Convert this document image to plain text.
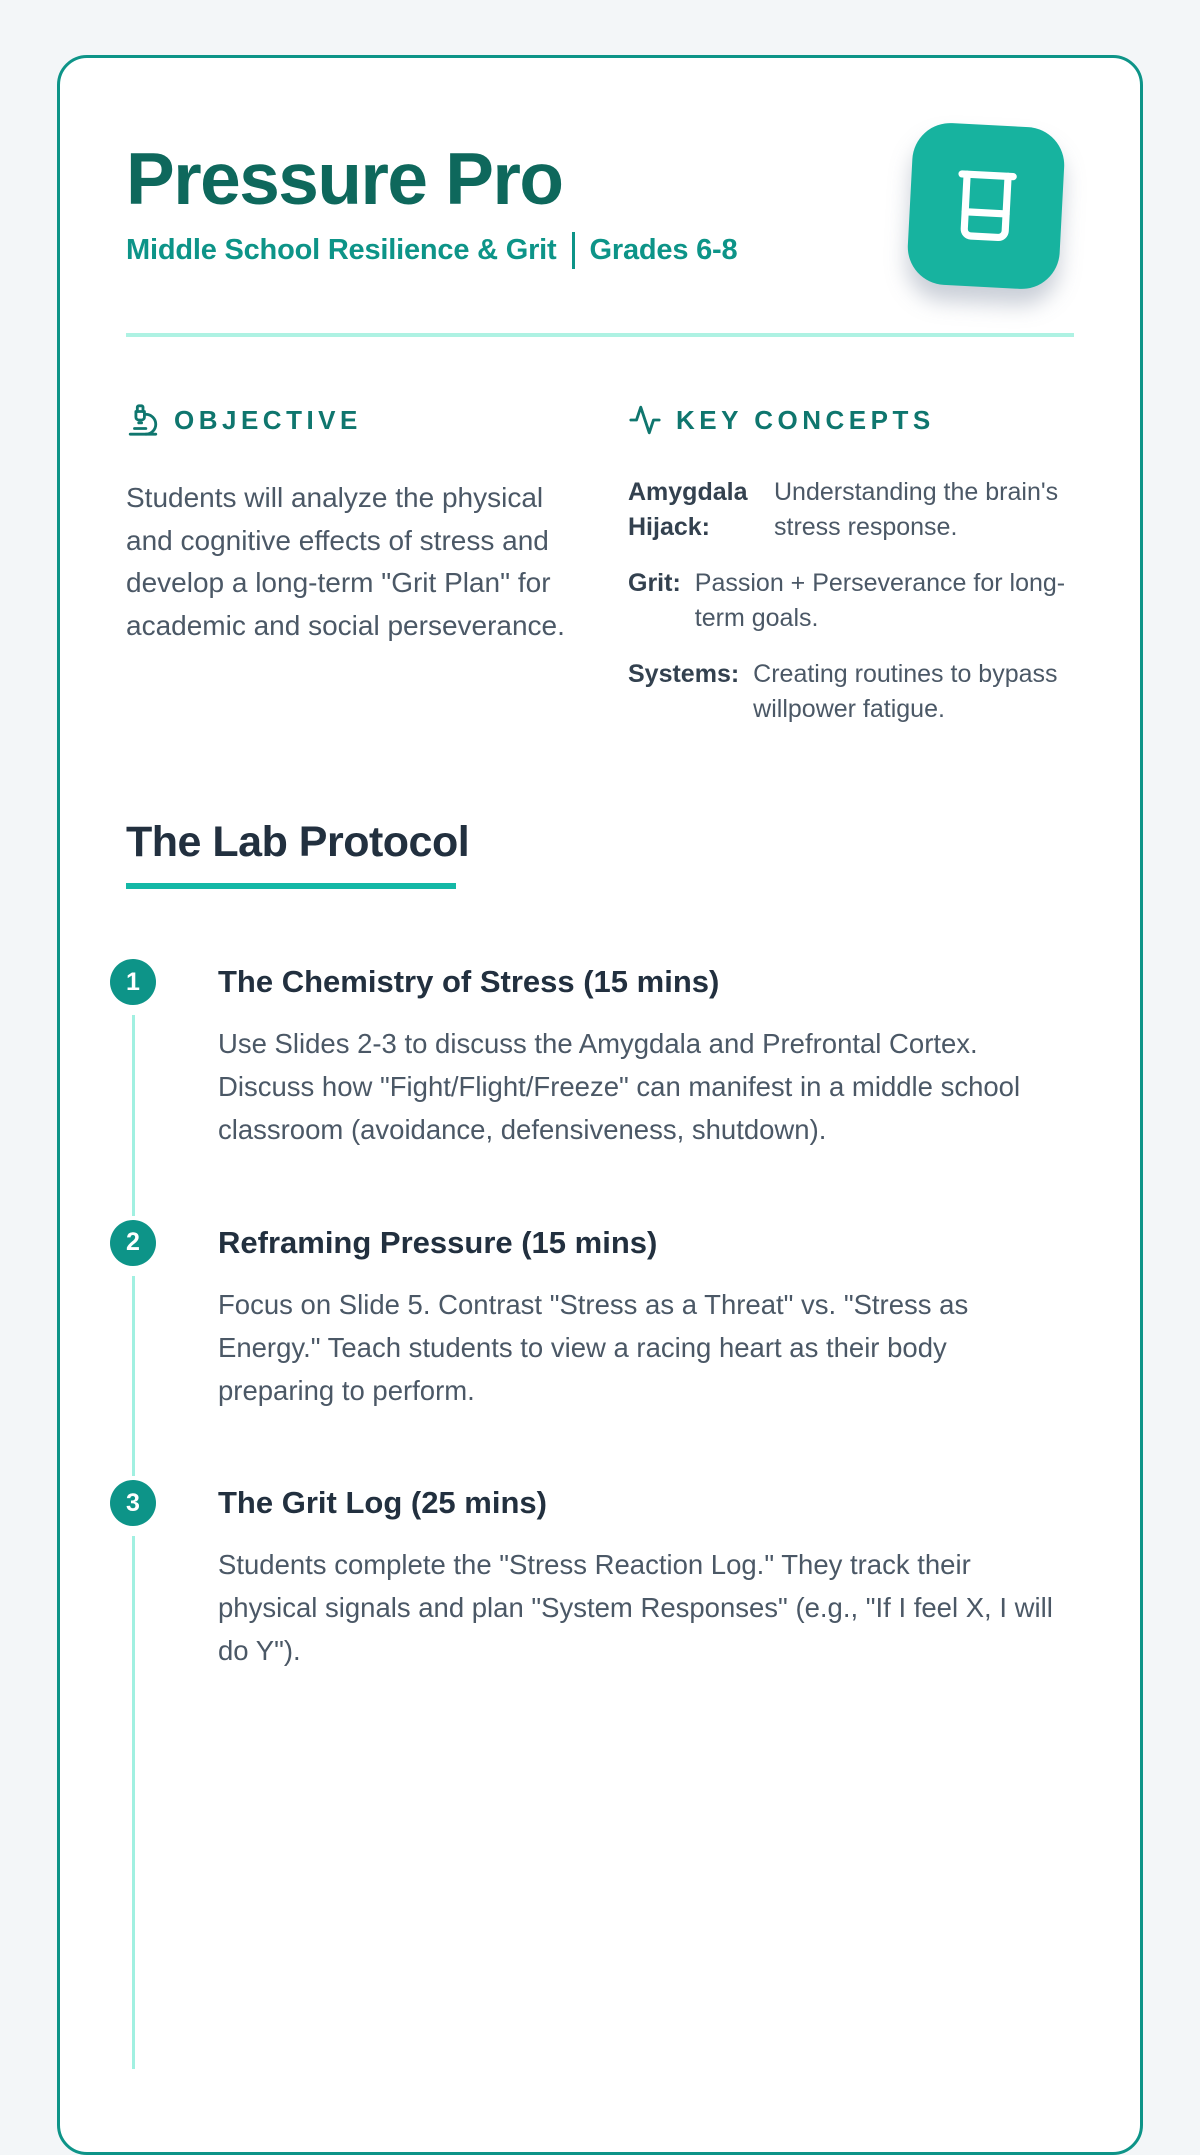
Pressure Pro
Middle School Resilience & Grit Grades 6-8
OBJECTIVE

Students will analyze the physical and cognitive effects of stress and develop a long-term "Grit Plan" for academic and social perseverance.

KEY CONCEPTS
Amygdala Hijack:
Understanding the brain's stress response.
Grit: Passion + Perseverance for long-term goals.
Systems: Creating routines to bypass willpower fatigue.
The Lab Protocol
1	The Chemistry of Stress (15 mins)

Use Slides 2-3 to discuss the Amygdala and Prefrontal Cortex. Discuss how "Fight/Flight/Freeze" can manifest in a middle school classroom (avoidance, defensiveness, shutdown).

2	Reframing Pressure (15 mins)

Focus on Slide 5. Contrast "Stress as a Threat" vs. "Stress as Energy." Teach students to view a racing heart as their body preparing to perform.

3	The Grit Log (25 mins)

Students complete the "Stress Reaction Log." They track their physical signals and plan "System Responses" (e.g., "If I feel X, I will do Y").
